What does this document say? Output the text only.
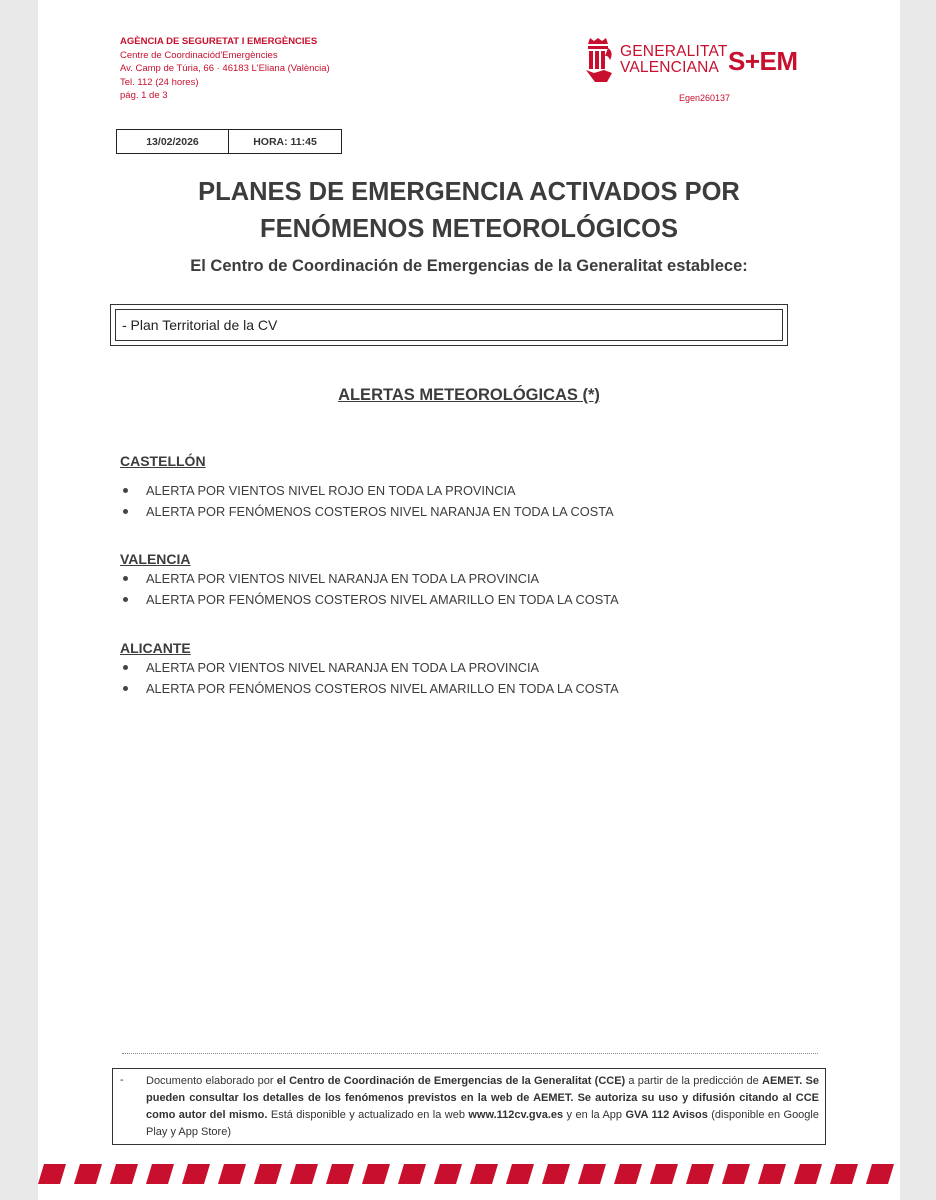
AGÈNCIA DE SEGURETAT I EMERGÈNCIES
Centre de Coordinaciód'Emergències
Av. Camp de Túria, 66 · 46183 L'Eliana (València)
Tel. 112 (24 hores)
pág. 1 de 3
GENERALITAT
VALENCIANA S+EM
Egen260137
13/02/2026	HORA: 11:45
PLANES DE EMERGENCIA ACTIVADOS POR
FENÓMENOS METEOROLÓGICOS
El Centro de Coordinación de Emergencias de la Generalitat establece:
- Plan Territorial de la CV
ALERTAS METEOROLÓGICAS (*)
CASTELLÓN
ALERTA POR VIENTOS NIVEL ROJO EN TODA LA PROVINCIA
ALERTA POR FENÓMENOS COSTEROS NIVEL NARANJA EN TODA LA COSTA
VALENCIA
ALERTA POR VIENTOS NIVEL NARANJA EN TODA LA PROVINCIA
ALERTA POR FENÓMENOS COSTEROS NIVEL AMARILLO EN TODA LA COSTA
ALICANTE
ALERTA POR VIENTOS NIVEL NARANJA EN TODA LA PROVINCIA
ALERTA POR FENÓMENOS COSTEROS NIVEL AMARILLO EN TODA LA COSTA
- Documento elaborado por el Centro de Coordinación de Emergencias de la Generalitat (CCE) a partir de la predicción de AEMET. Se pueden consultar los detalles de los fenómenos previstos en la web de AEMET. Se autoriza su uso y difusión citando al CCE como autor del mismo. Está disponible y actualizado en la web www.112cv.gva.es y en la App GVA 112 Avisos (disponible en Google Play y App Store)
